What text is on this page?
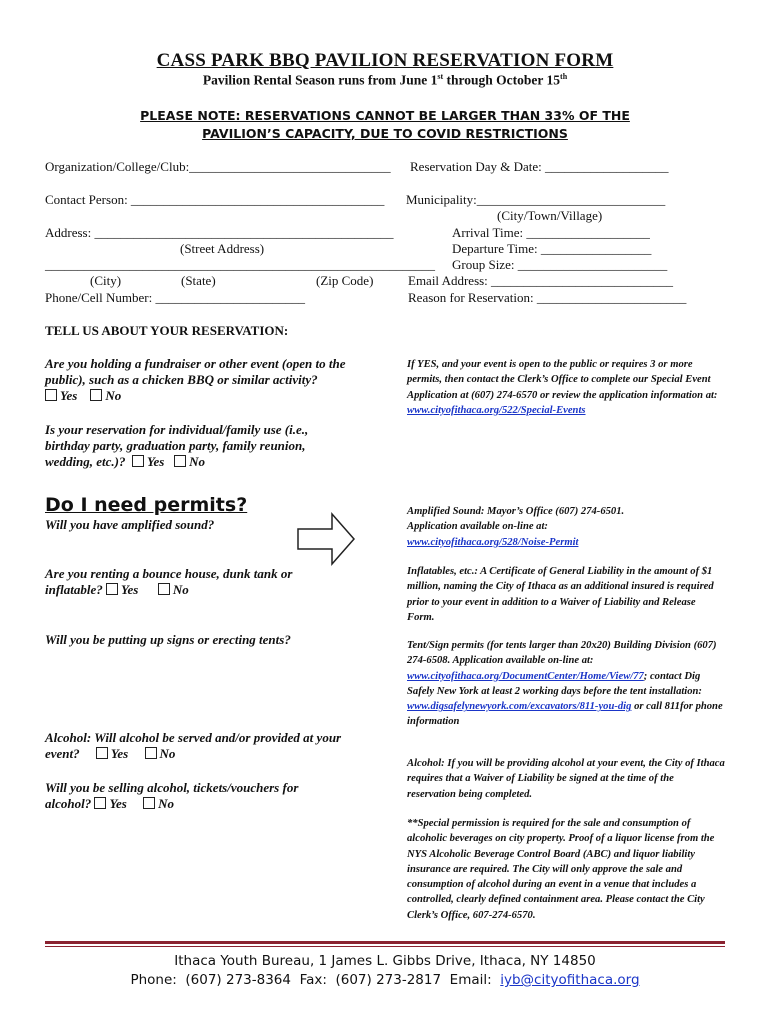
CASS PARK BBQ PAVILION RESERVATION FORM
Pavilion Rental Season runs from June 1st through October 15th
PLEASE NOTE: RESERVATIONS CANNOT BE LARGER THAN 33% OF THE
PAVILION’S CAPACITY, DUE TO COVID RESTRICTIONS
Organization/College/Club:_______________________________ Reservation Day & Date: ___________________
Contact Person: _______________________________________ Municipality:_____________________________
(City/Town/Village)
Address: ______________________________________________	Arrival Time: ___________________
(Street Address)	Departure Time: _________________
____________________________________________________________ Group Size: _______________________
(City)	(State)	(Zip Code)	Email Address: ____________________________
Phone/Cell Number: _______________________	Reason for Reservation: _______________________
TELL US ABOUT YOUR RESERVATION:
Are you holding a fundraiser or other event (open to the public), such as a chicken BBQ or similar activity?
Yes No
Is your reservation for individual/family use (i.e., birthday party, graduation party, family reunion, wedding, etc.)? Yes No
Do I need permits?
Will you have amplified sound?
Are you renting a bounce house, dunk tank or inflatable? Yes	No
Will you be putting up signs or erecting tents?
Alcohol: Will alcohol be served and/or provided at your event? Yes No
Will you be selling alcohol, tickets/vouchers for alcohol? Yes No
If YES, and your event is open to the public or requires 3 or more permits, then contact the Clerk’s Office to complete our Special Event Application at (607) 274-6570 or review the application information at:
www.cityofithaca.org/522/Special-Events
Amplified Sound: Mayor’s Office (607) 274-6501. Application available on-line at:
www.cityofithaca.org/528/Noise-Permit
Inflatables, etc.: A Certificate of General Liability in the amount of $1 million, naming the City of Ithaca as an additional insured is required prior to your event in addition to a Waiver of Liability and Release Form.
Tent/Sign permits (for tents larger than 20x20) Building Division (607) 274-6508. Application available on-line at: www.cityofithaca.org/DocumentCenter/Home/View/77; contact Dig Safely New York at least 2 working days before the tent installation:
www.digsafelynewyork.com/excavators/811-you-dig or call 811for phone information
Alcohol: If you will be providing alcohol at your event, the City of Ithaca requires that a Waiver of Liability be signed at the time of the reservation being completed.
**Special permission is required for the sale and consumption of alcoholic beverages on city property. Proof of a liquor license from the NYS Alcoholic Beverage Control Board (ABC) and liquor liability insurance are required. The City will only approve the sale and consumption of alcohol during an event in a venue that includes a controlled, clearly defined containment area. Please contact the City Clerk’s Office, 607-274-6570.
Ithaca Youth Bureau, 1 James L. Gibbs Drive, Ithaca, NY 14850
Phone:  (607) 273-8364  Fax:  (607) 273-2817  Email:  iyb@cityofithaca.org
